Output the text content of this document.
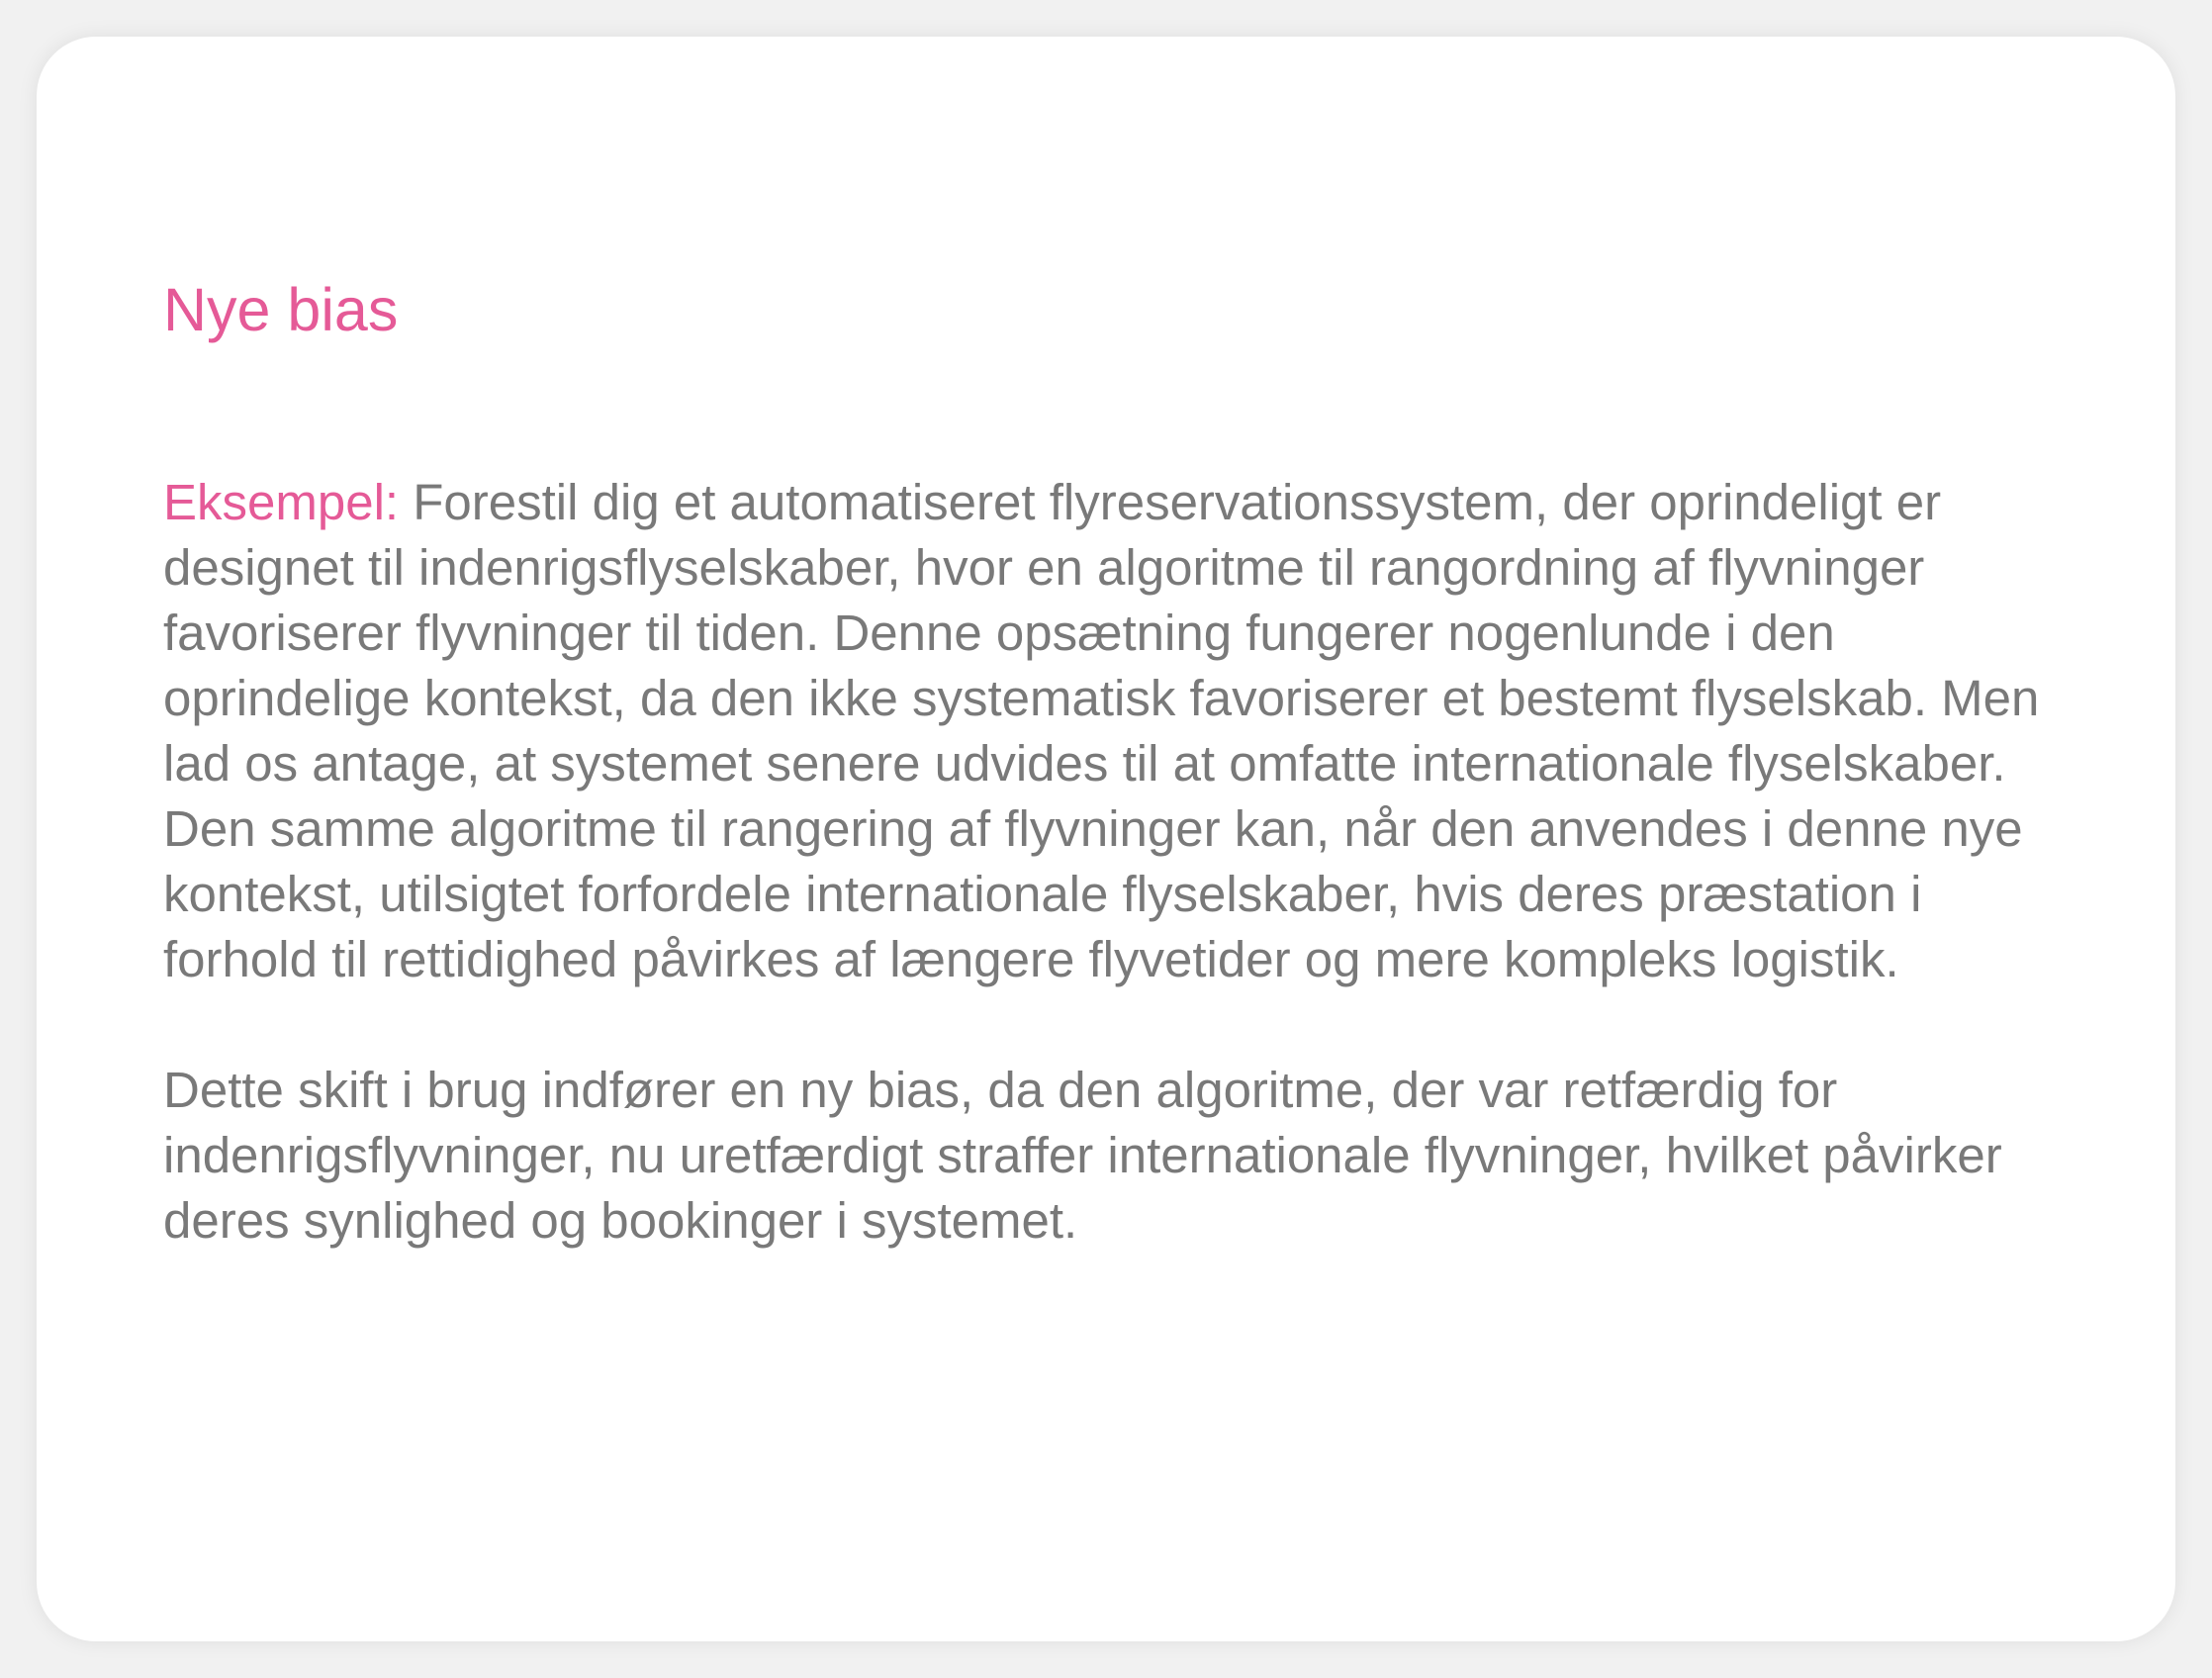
Nye bias

Eksempel: Forestil dig et automatiseret flyreservationssystem, der oprindeligt er designet til indenrigsflyselskaber, hvor en algoritme til rangordning af flyvninger favoriserer flyvninger til tiden. Denne opsætning fungerer nogenlunde i den oprindelige kontekst, da den ikke systematisk favoriserer et bestemt flyselskab. Men lad os antage, at systemet senere udvides til at omfatte internationale flyselskaber. Den samme algoritme til rangering af flyvninger kan, når den anvendes i denne nye kontekst, utilsigtet forfordele internationale flyselskaber, hvis deres præstation i forhold til rettidighed påvirkes af længere flyvetider og mere kompleks logistik.

Dette skift i brug indfører en ny bias, da den algoritme, der var retfærdig for indenrigsflyvninger, nu uretfærdigt straffer internationale flyvninger, hvilket påvirker deres synlighed og bookinger i systemet.
